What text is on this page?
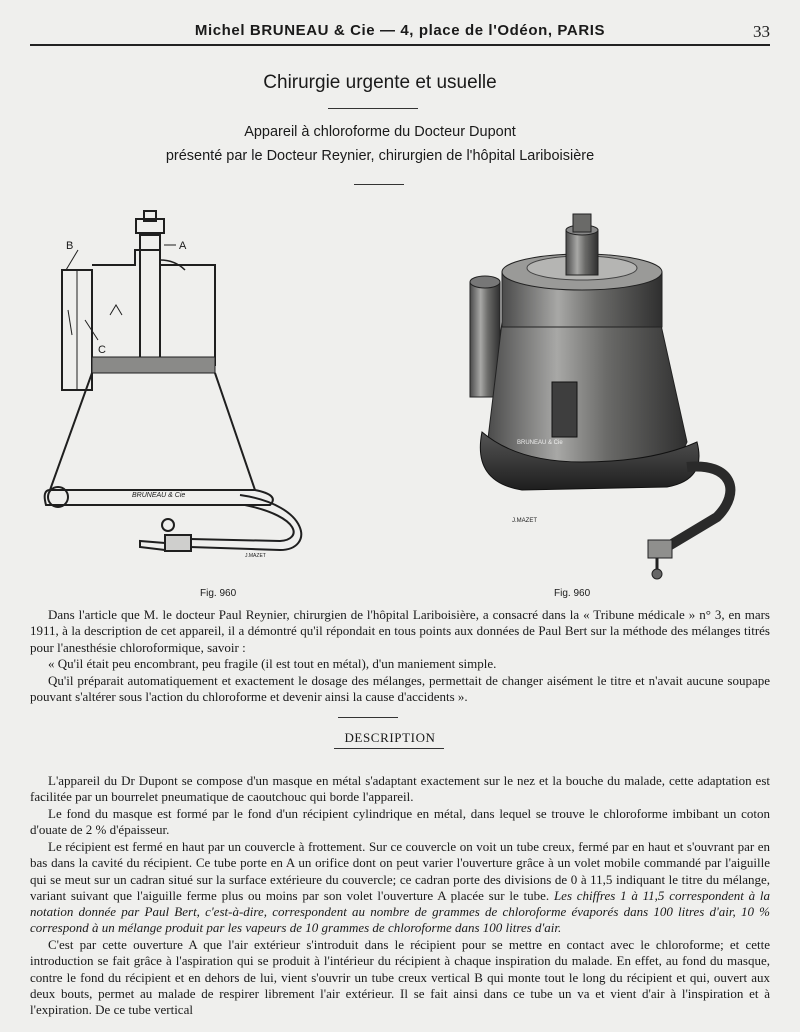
Michel BRUNEAU & Cie — 4, place de l'Odéon, PARIS	33
Chirurgie urgente et usuelle
Appareil à chloroforme du Docteur Dupont
présenté par le Docteur Reynier, chirurgien de l'hôpital Lariboisière
B	A
C
BRUNEAU & Cie
J.MAZET
Fig. 960
BRUNEAU & Cie
J.MAZET
Fig. 960
Dans l'article que M. le docteur Paul Reynier, chirurgien de l'hôpital Lariboisière, a consacré dans la « Tribune médicale » n° 3, en mars 1911, à la description de cet appareil, il a démontré qu'il répondait en tous points aux données de Paul Bert sur la méthode des mélanges titrés pour l'anesthésie chloroformique, savoir :
« Qu'il était peu encombrant, peu fragile (il est tout en métal), d'un maniement simple.
Qu'il préparait automatiquement et exactement le dosage des mélanges, permettait de changer aisément le titre et n'avait aucune soupape pouvant s'altérer sous l'action du chloroforme et devenir ainsi la cause d'accidents ».
DESCRIPTION
L'appareil du Dr Dupont se compose d'un masque en métal s'adaptant exactement sur le nez et la bouche du malade, cette adaptation est facilitée par un bourrelet pneumatique de caoutchouc qui borde l'appareil.
Le fond du masque est formé par le fond d'un récipient cylindrique en métal, dans lequel se trouve le chloroforme imbibant un coton d'ouate de 2 % d'épaisseur.
Le récipient est fermé en haut par un couvercle à frottement. Sur ce couvercle on voit un tube creux, fermé par en haut et s'ouvrant par en bas dans la cavité du récipient. Ce tube porte en A un orifice dont on peut varier l'ouverture grâce à un volet mobile commandé par l'aiguille qui se meut sur un cadran situé sur la surface extérieure du couvercle; ce cadran porte des divisions de 0 à 11,5 indiquant le titre du mélange, variant suivant que l'aiguille ferme plus ou moins par son volet l'ouverture A placée sur le tube. Les chiffres 1 à 11,5 correspondent à la notation donnée par Paul Bert, c'est-à-dire, correspondent au nombre de grammes de chloroforme évaporés dans 100 litres d'air, 10 % correspond à un mélange produit par les vapeurs de 10 grammes de chloroforme dans 100 litres d'air.
C'est par cette ouverture A que l'air extérieur s'introduit dans le récipient pour se mettre en contact avec le chloroforme; et cette introduction se fait grâce à l'aspiration qui se produit à l'intérieur du récipient à chaque inspiration du malade. En effet, au fond du masque, contre le fond du récipient et en dehors de lui, vient s'ouvrir un tube creux vertical B qui monte tout le long du récipient et qui, ouvert aux deux bouts, permet au malade de respirer librement l'air extérieur. Il se fait ainsi dans ce tube un va et vient d'air à l'inspiration et à l'expiration. De ce tube vertical
